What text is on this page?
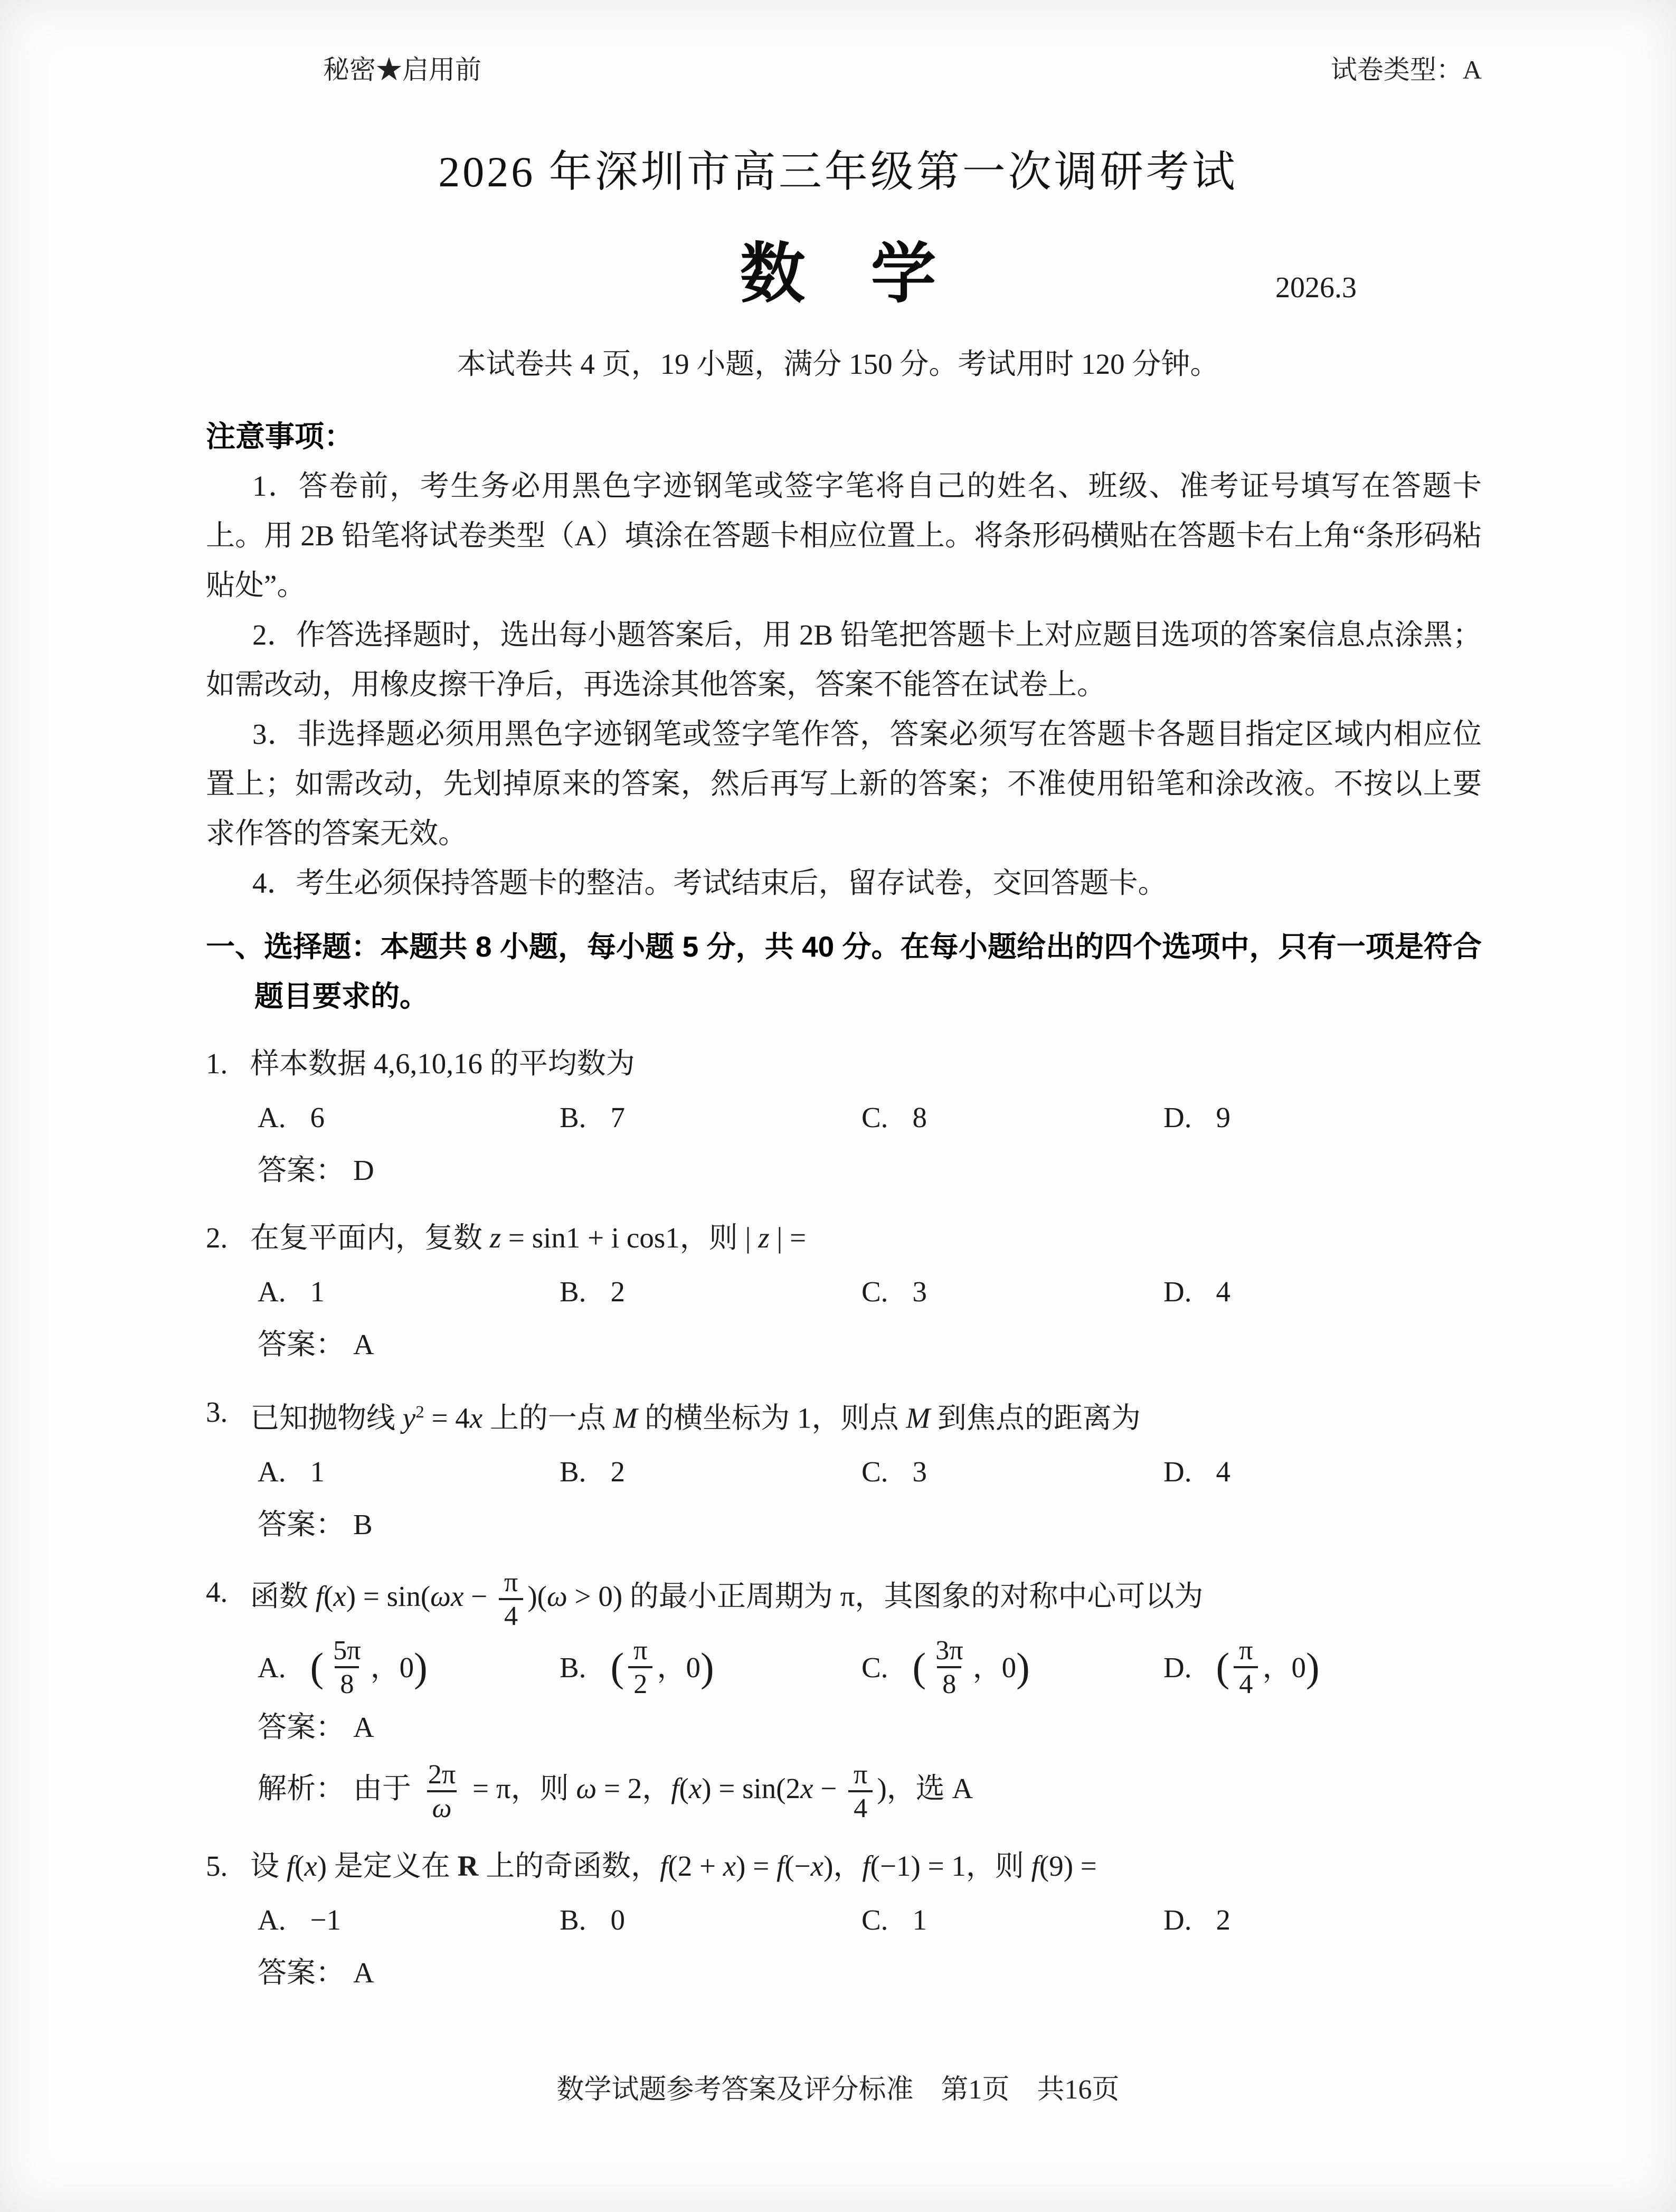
秘密★启用前	试卷类型：A
2026 年深圳市高三年级第一次调研考试
数　学	2026.3
本试卷共 4 页，19 小题，满分 150 分。考试用时 120 分钟。
注意事项：

1．答卷前，考生务必用黑色字迹钢笔或签字笔将自己的姓名、班级、准考证号填写在答题卡上。用 2B 铅笔将试卷类型（A）填涂在答题卡相应位置上。将条形码横贴在答题卡右上角“条形码粘贴处”。

2．作答选择题时，选出每小题答案后，用 2B 铅笔把答题卡上对应题目选项的答案信息点涂黑；如需改动，用橡皮擦干净后，再选涂其他答案，答案不能答在试卷上。

3．非选择题必须用黑色字迹钢笔或签字笔作答，答案必须写在答题卡各题目指定区域内相应位置上；如需改动，先划掉原来的答案，然后再写上新的答案；不准使用铅笔和涂改液。不按以上要求作答的答案无效。

4．考生必须保持答题卡的整洁。考试结束后，留存试卷，交回答题卡。

一、选择题：本题共 8 小题，每小题 5 分，共 40 分。在每小题给出的四个选项中，只有一项是符合题目要求的。
1. 样本数据 4,6,10,16 的平均数为
A. 6	B. 7	C. 8	D. 9
答案： D
2. 在复平面内，复数 z = sin1 + i cos1，则 | z | =
A. 1	B. 2	C. 3	D. 4
答案： A
3. 已知抛物线 $y^2 = 4x$ 上的一点 M 的横坐标为 1，则点 M 到焦点的距离为
A. 1	B. 2	C. 3	D. 4
答案： B
4. 函数 $f(x) = \sin(\omega x - \frac{\pi}{4} )(\omega > 0)$ 的最小正周期为 π，其图象的对称中心可以为
A. ( $\frac{5\pi}{8}$ ，0 )	B. ( $\frac{\pi}{2}$ ，0 )	C. ( $\frac{3\pi}{8}$ ，0 )	D. ( $\frac{\pi}{4}$ ，0 )
答案： A
解析： 由于 $\frac{2\pi}{\omega} = \pi$，则 ω = 2，$f(x) = \sin(2x - \frac{\pi}{4}$ )，选 A
5. 设 f(x) 是定义在 R 上的奇函数，f(2 + x) = f(−x)，f(−1) = 1，则 f(9) =
A. −1	B. 0	C. 1	D. 2
答案： A
数学试题参考答案及评分标准　第1页　共16页
